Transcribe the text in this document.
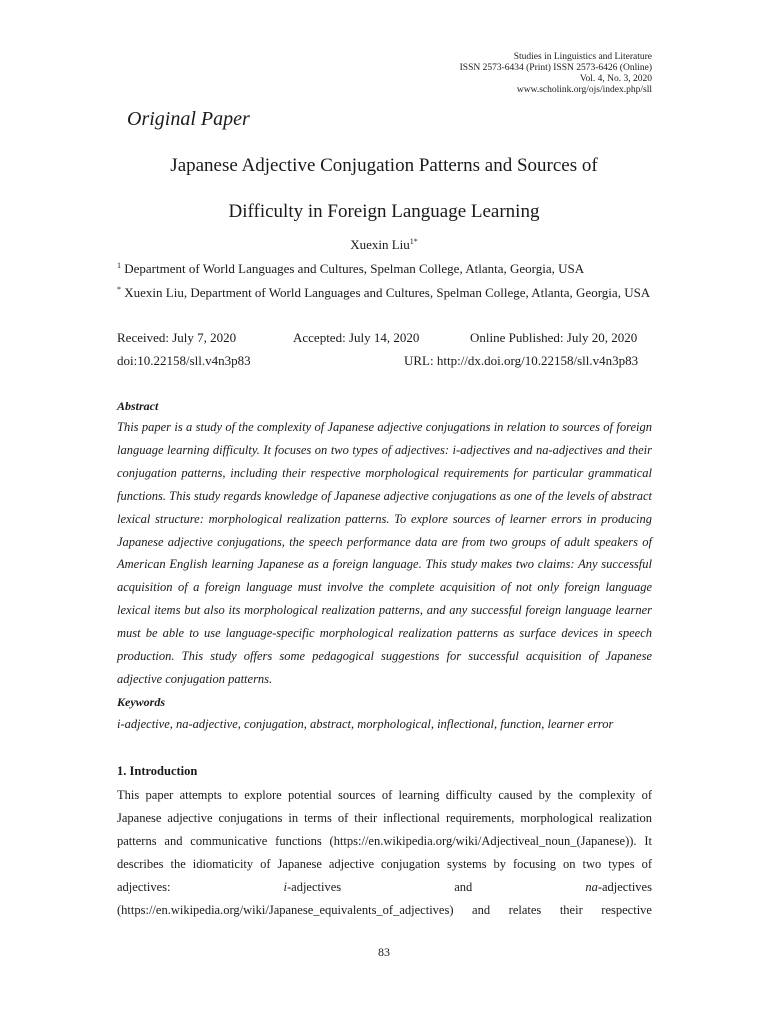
Studies in Linguistics and Literature
ISSN 2573-6434 (Print) ISSN 2573-6426 (Online)
Vol. 4, No. 3, 2020
www.scholink.org/ojs/index.php/sll
Original Paper
Japanese Adjective Conjugation Patterns and Sources of
Difficulty in Foreign Language Learning
Xuexin Liu$^{1*}$
$^1$ Department of World Languages and Cultures, Spelman College, Atlanta, Georgia, USA
* Xuexin Liu, Department of World Languages and Cultures, Spelman College, Atlanta, Georgia, USA
Received: July 7, 2020	Accepted: July 14, 2020	Online Published: July 20, 2020
doi:10.22158/sll.v4n3p83	URL: http://dx.doi.org/10.22158/sll.v4n3p83
Abstract

This paper is a study of the complexity of Japanese adjective conjugations in relation to sources of foreign language learning difficulty. It focuses on two types of adjectives: i-adjectives and na-adjectives and their conjugation patterns, including their respective morphological requirements for particular grammatical functions. This study regards knowledge of Japanese adjective conjugations as one of the levels of abstract lexical structure: morphological realization patterns. To explore sources of learner errors in producing Japanese adjective conjugations, the speech performance data are from two groups of adult speakers of American English learning Japanese as a foreign language. This study makes two claims: Any successful acquisition of a foreign language must involve the complete acquisition of not only foreign language lexical items but also its morphological realization patterns, and any successful foreign language learner must be able to use language-specific morphological realization patterns as surface devices in speech production. This study offers some pedagogical suggestions for successful acquisition of Japanese adjective conjugation patterns.

Keywords
i-adjective, na-adjective, conjugation, abstract, morphological, inflectional, function, learner error
1. Introduction
This paper attempts to explore potential sources of learning difficulty caused by the complexity of
Japanese adjective conjugations in terms of their inflectional requirements, morphological realization
patterns and communicative functions (https://en.wikipedia.org/wiki/Adjectiveal_noun_(Japanese)). It
describes the idiomaticity of Japanese adjective conjugation systems by focusing on two types of
adjectives:	i-adjectives	and	na-adjectives
(https://en.wikipedia.org/wiki/Japanese_equivalents_of_adjectives) and relates their respective
83
